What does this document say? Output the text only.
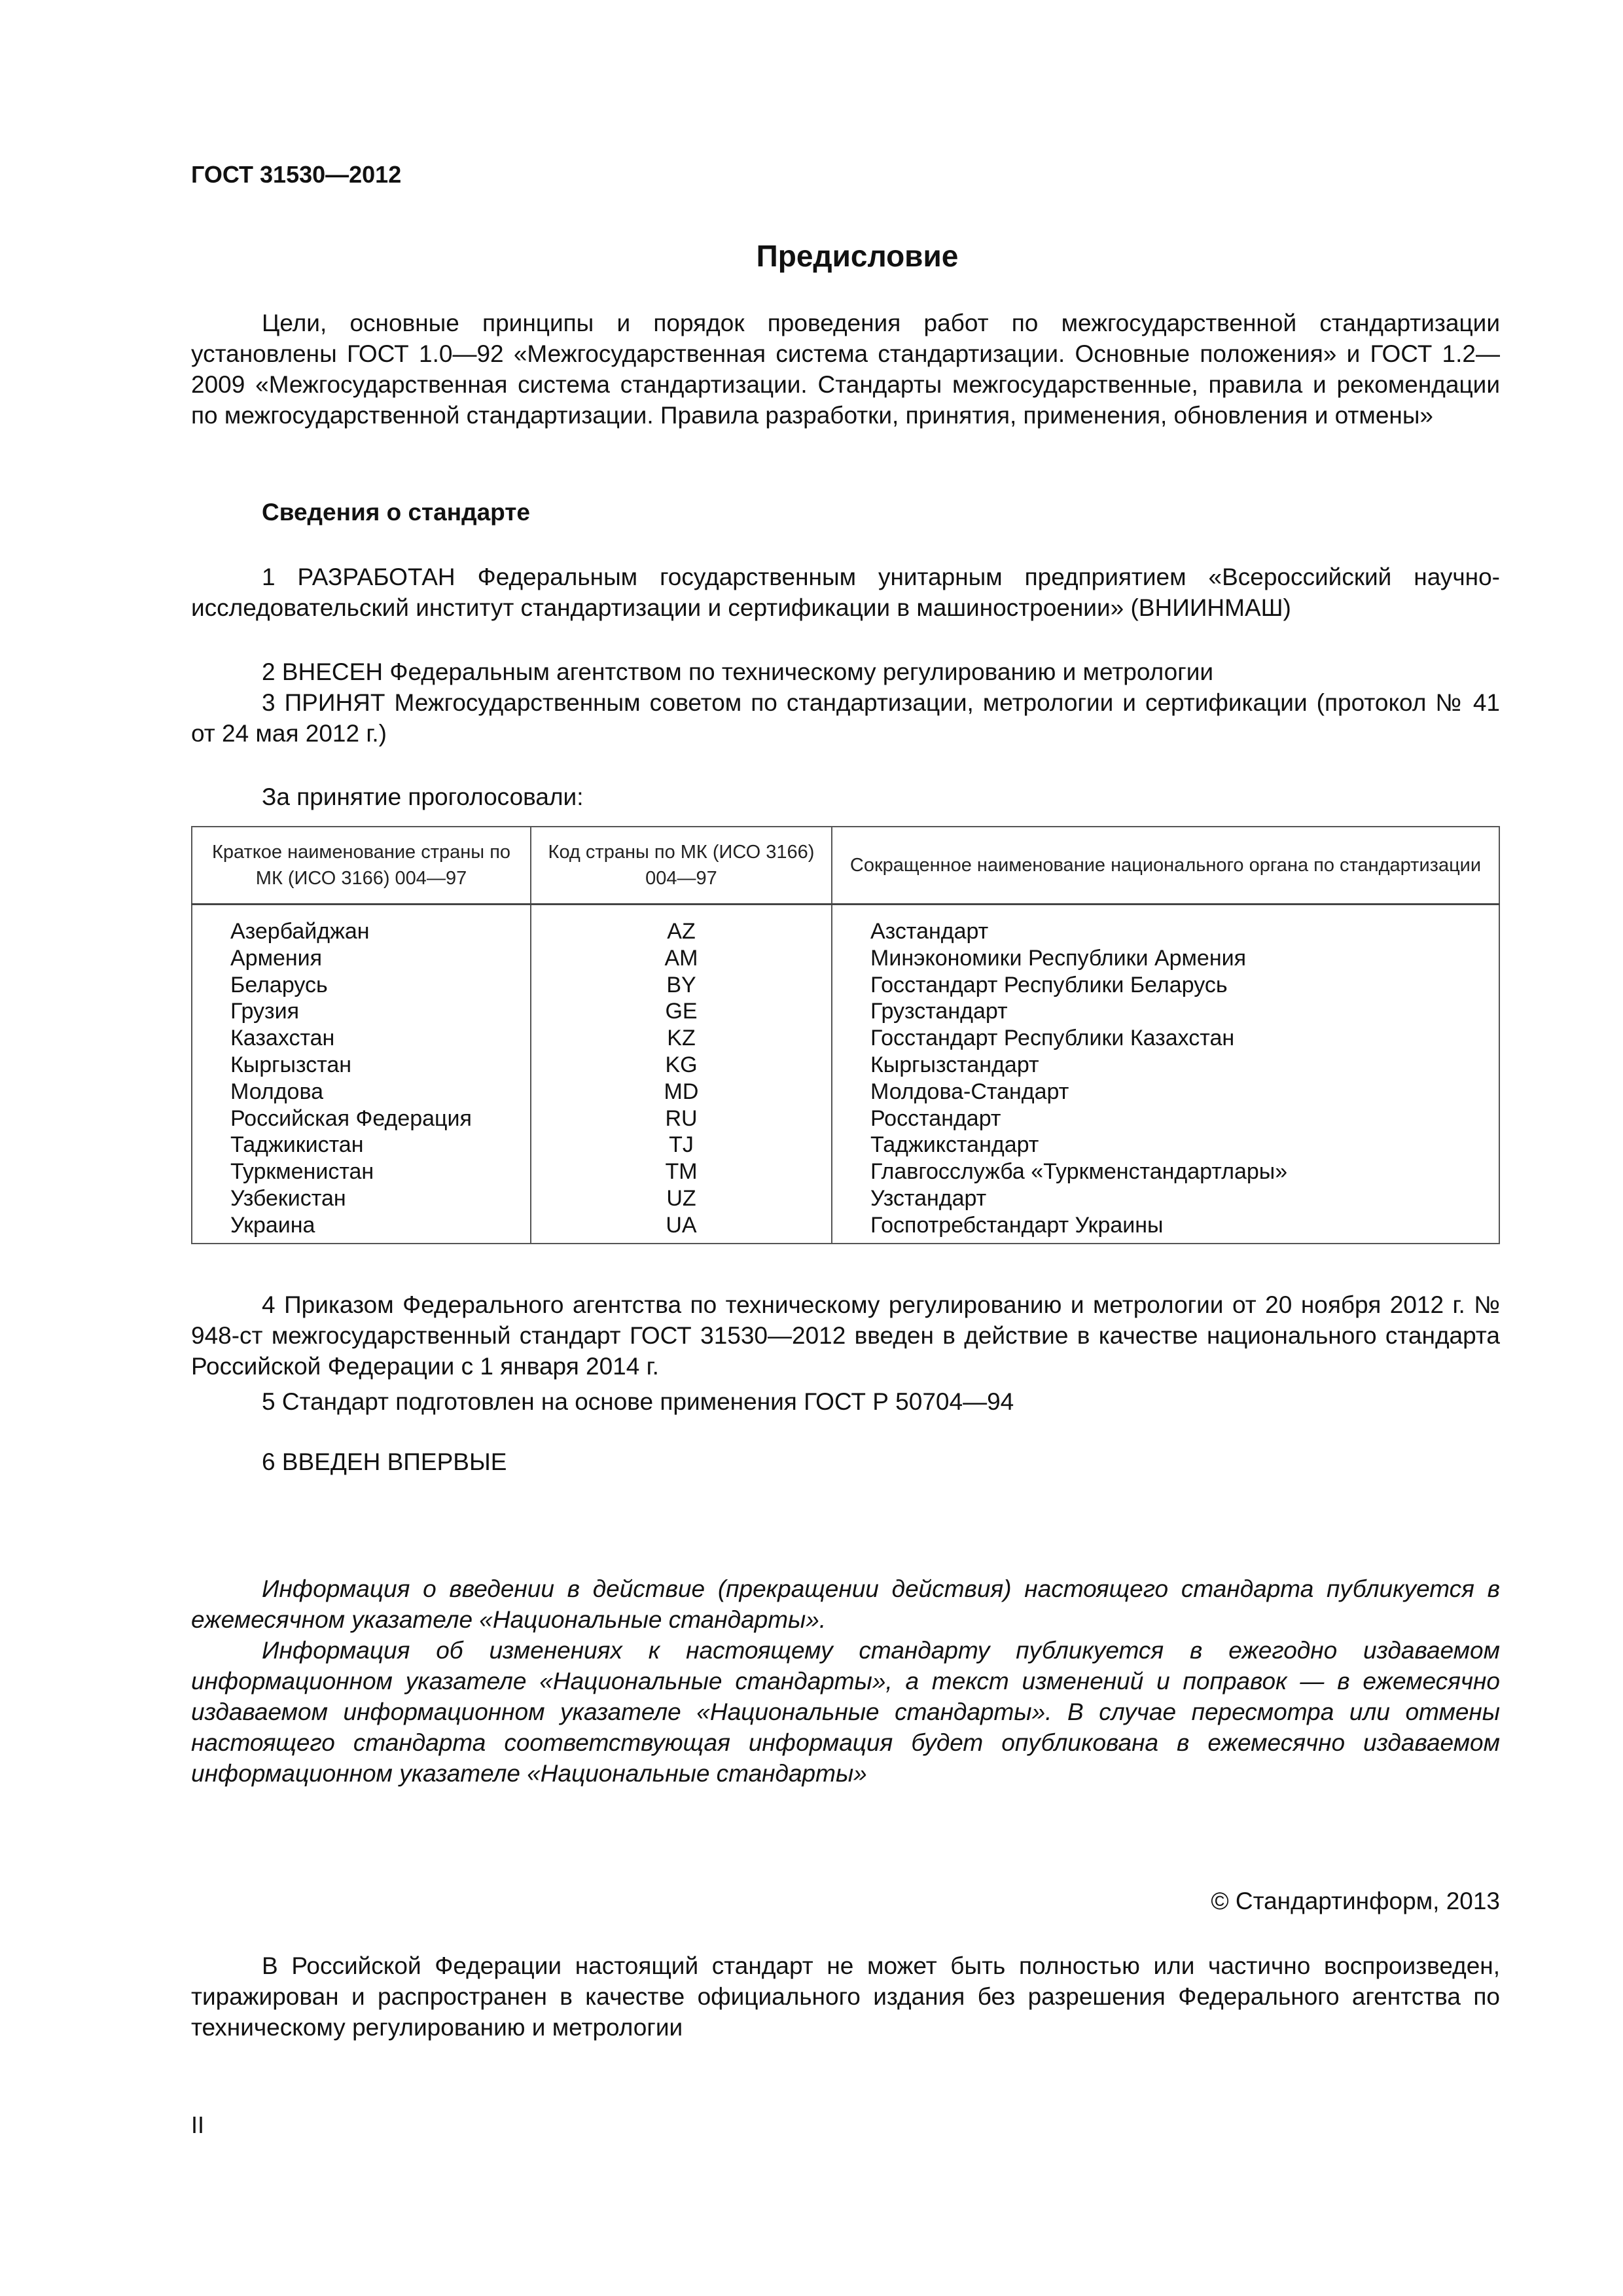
ГОСТ 31530—2012
Предисловие

Цели, основные принципы и порядок проведения работ по межгосударственной стандартизации установлены ГОСТ 1.0—92 «Межгосударственная система стандартизации. Основные положения» и ГОСТ 1.2—2009 «Межгосударственная система стандартизации. Стандарты межгосударственные, правила и рекомендации по межгосударственной стандартизации. Правила разработки, принятия, применения, обновления и отмены»

Сведения о стандарте

1 РАЗРАБОТАН Федеральным государственным унитарным предприятием «Всероссийский научно-исследовательский институт стандартизации и сертификации в машиностроении» (ВНИИНМАШ)

2 ВНЕСЕН Федеральным агентством по техническому регулированию и метрологии

3 ПРИНЯТ Межгосударственным советом по стандартизации, метрологии и сертификации (протокол № 41 от 24 мая 2012 г.)

За принятие проголосовали:
Краткое наименование страны по МК (ИСО 3166) 004—97	Код страны по МК (ИСО 3166) 004—97	Сокращенное наименование национального органа по стандартизации
Азербайджан	AZ	Азстандарт
Армения	AM	Минэкономики Республики Армения
Беларусь	BY	Госстандарт Республики Беларусь
Грузия	GE	Грузстандарт
Казахстан	KZ	Госстандарт Республики Казахстан
Кыргызстан	KG	Кыргызстандарт
Молдова	MD	Молдова-Стандарт
Российская Федерация	RU	Росстандарт
Таджикистан	TJ	Таджикстандарт
Туркменистан	TM	Главгосслужба «Туркменстандартлары»
Узбекистан	UZ	Узстандарт
Украина	UA	Госпотребстандарт Украины

4 Приказом Федерального агентства по техническому регулированию и метрологии от 20 ноября 2012 г. № 948-ст межгосударственный стандарт ГОСТ 31530—2012 введен в действие в качестве национального стандарта Российской Федерации с 1 января 2014 г.

5 Стандарт подготовлен на основе применения ГОСТ Р 50704—94
6 ВВЕДЕН ВПЕРВЫЕ

Информация о введении в действие (прекращении действия) настоящего стандарта публикуется в ежемесячном указателе «Национальные стандарты».

Информация об изменениях к настоящему стандарту публикуется в ежегодно издаваемом информационном указателе «Национальные стандарты», а текст изменений и поправок — в ежемесячно издаваемом информационном указателе «Национальные стандарты». В случае пересмотра или отмены настоящего стандарта соответствующая информация будет опубликована в ежемесячно издаваемом информационном указателе «Национальные стандарты»

© Стандартинформ, 2013

В Российской Федерации настоящий стандарт не может быть полностью или частично воспроизведен, тиражирован и распространен в качестве официального издания без разрешения Федерального агентства по техническому регулированию и метрологии

II
